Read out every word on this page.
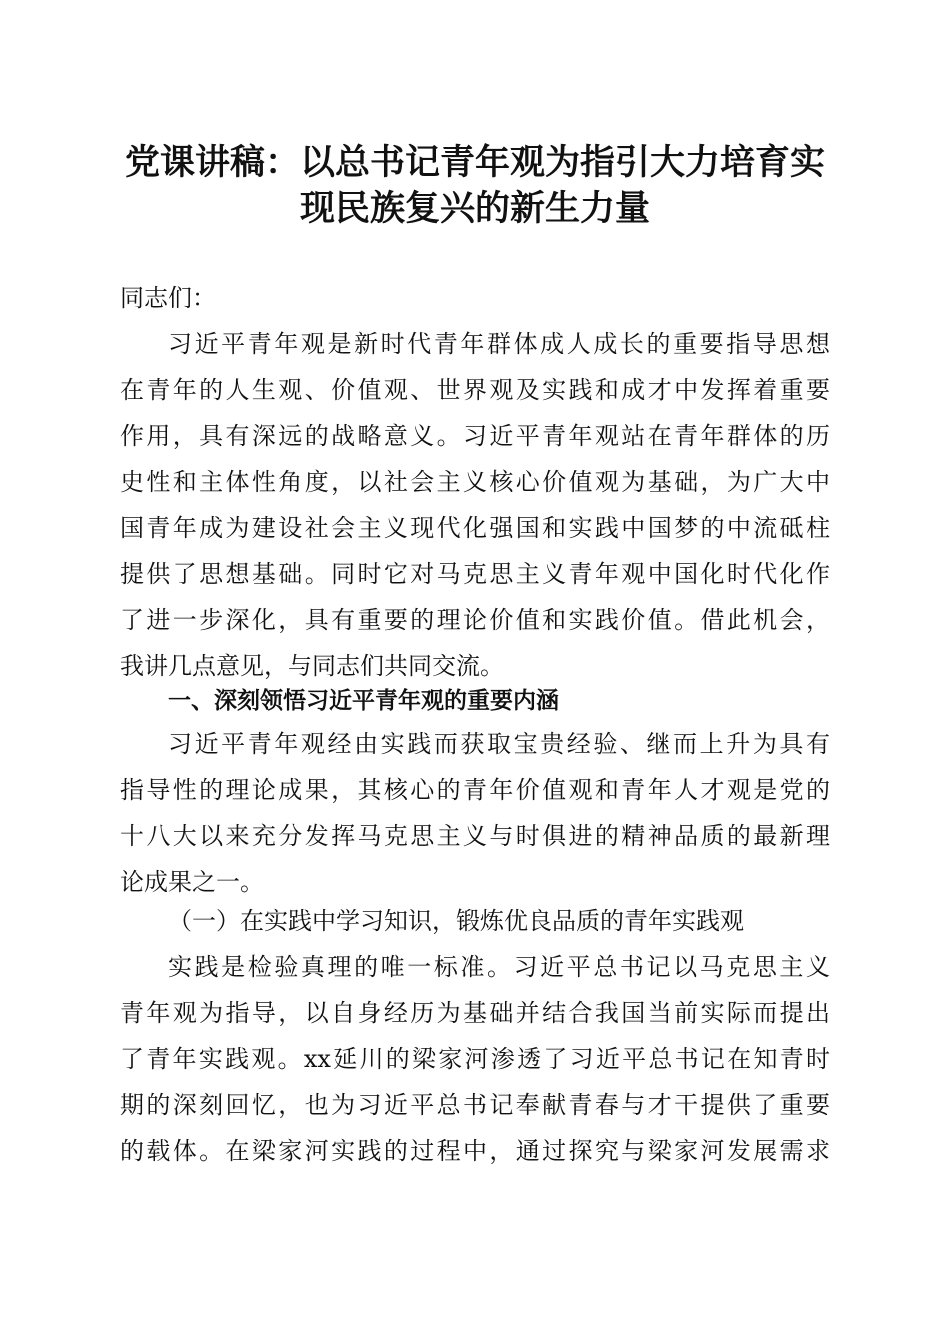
党课讲稿：以总书记青年观为指引大力培育实
现民族复兴的新生力量
同志们：
习近平青年观是新时代青年群体成人成长的重要指导思想
在青年的人生观、价值观、世界观及实践和成才中发挥着重要
作用，具有深远的战略意义。习近平青年观站在青年群体的历
史性和主体性角度，以社会主义核心价值观为基础，为广大中
国青年成为建设社会主义现代化强国和实践中国梦的中流砥柱
提供了思想基础。同时它对马克思主义青年观中国化时代化作
了进一步深化，具有重要的理论价值和实践价值。借此机会，
我讲几点意见，与同志们共同交流。
一、深刻领悟习近平青年观的重要内涵
习近平青年观经由实践而获取宝贵经验、继而上升为具有
指导性的理论成果，其核心的青年价值观和青年人才观是党的
十八大以来充分发挥马克思主义与时俱进的精神品质的最新理
论成果之一。
（一）在实践中学习知识，锻炼优良品质的青年实践观
实践是检验真理的唯一标准。习近平总书记以马克思主义
青年观为指导，以自身经历为基础并结合我国当前实际而提出
了青年实践观。xx延川的梁家河渗透了习近平总书记在知青时
期的深刻回忆，也为习近平总书记奉献青春与才干提供了重要
的载体。在梁家河实践的过程中，通过探究与梁家河发展需求
